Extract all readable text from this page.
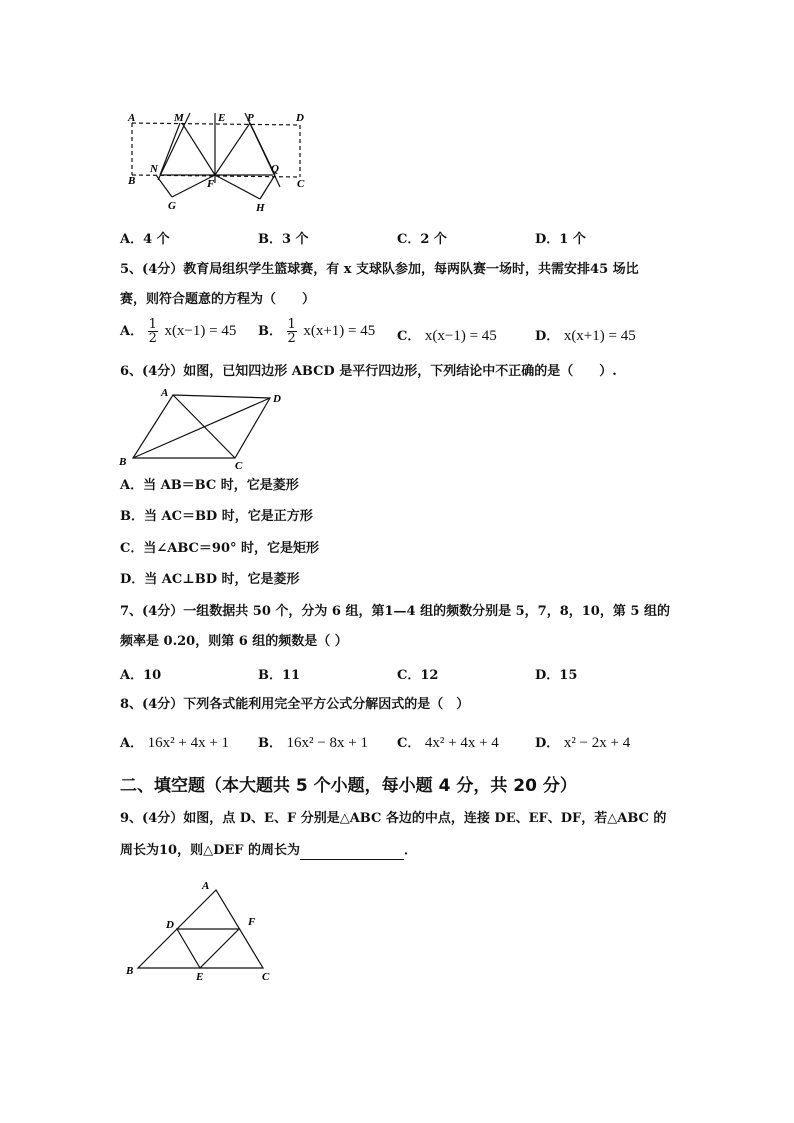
A	M	E P	D
N	Q
B	F	C
G	H
A．4 个	B．3 个	C．2 个	D．1 个
5、(4分）教育局组织学生篮球赛，有 x 支球队参加，每两队赛一场时，共需安排45 场比
赛，则符合题意的方程为（　　）
A． $\frac{1}{2} x(x-1) = 45$ B． $\frac{1}{2} x(x+1) = 45$ C． x(x−1) = 45	D． x(x+1) = 45
6、(4分）如图，已知四边形 ABCD 是平行四边形，下列结论中不正确的是（　　）.
A	D
B	C
A．当 AB＝BC 时，它是菱形
B．当 AC＝BD 时，它是正方形
C．当∠ABC＝90° 时，它是矩形
D．当 AC⊥BD 时，它是菱形
7、(4分）一组数据共 50 个，分为 6 组，第1—4 组的频数分别是 5，7，8，10，第 5 组的
频率是 0.20，则第 6 组的频数是（ ）
A．10	B．11	C．12	D．15
8、(4分）下列各式能利用完全平方公式分解因式的是（　）
A． 16x² + 4x + 1 B． 16x² − 8x + 1 C． 4x² + 4x + 4	D． x² − 2x + 4
二、填空题（本大题共 5 个小题，每小题 4 分，共 20 分）
9、(4分）如图，点 D、E、F 分别是△ABC 各边的中点，连接 DE、EF、DF，若△ABC 的
周长为10，则△DEF 的周长为	．
A
D	F
B	E	C
